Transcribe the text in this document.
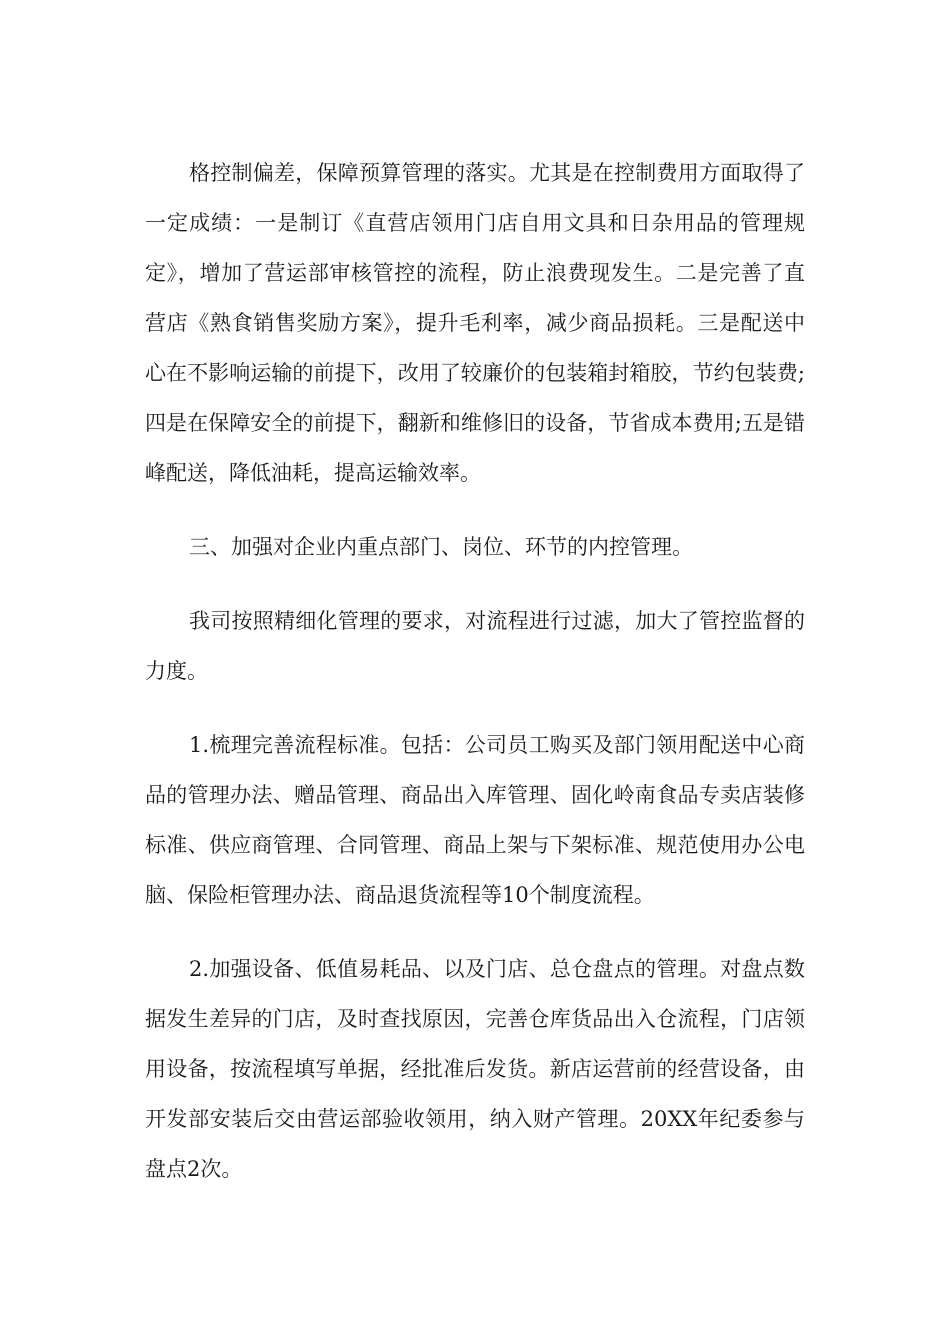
格控制偏差，保障预算管理的落实。尤其是在控制费用方面取得了一定成绩：一是制订《直营店领用门店自用文具和日杂用品的管理规定》，增加了营运部审核管控的流程，防止浪费现发生。二是完善了直营店《熟食销售奖励方案》，提升毛利率，减少商品损耗。三是配送中心在不影响运输的前提下，改用了较廉价的包装箱封箱胶，节约包装费;四是在保障安全的前提下，翻新和维修旧的设备，节省成本费用;五是错峰配送，降低油耗，提高运输效率。

三、加强对企业内重点部门、岗位、环节的内控管理。

我司按照精细化管理的要求，对流程进行过滤，加大了管控监督的力度。

1.梳理完善流程标准。包括：公司员工购买及部门领用配送中心商品的管理办法、赠品管理、商品出入库管理、固化岭南食品专卖店装修标准、供应商管理、合同管理、商品上架与下架标准、规范使用办公电脑、保险柜管理办法、商品退货流程等10个制度流程。

2.加强设备、低值易耗品、以及门店、总仓盘点的管理。对盘点数据发生差异的门店，及时查找原因，完善仓库货品出入仓流程，门店领用设备，按流程填写单据，经批准后发货。新店运营前的经营设备，由开发部安装后交由营运部验收领用，纳入财产管理。20XX年纪委参与盘点2次。
